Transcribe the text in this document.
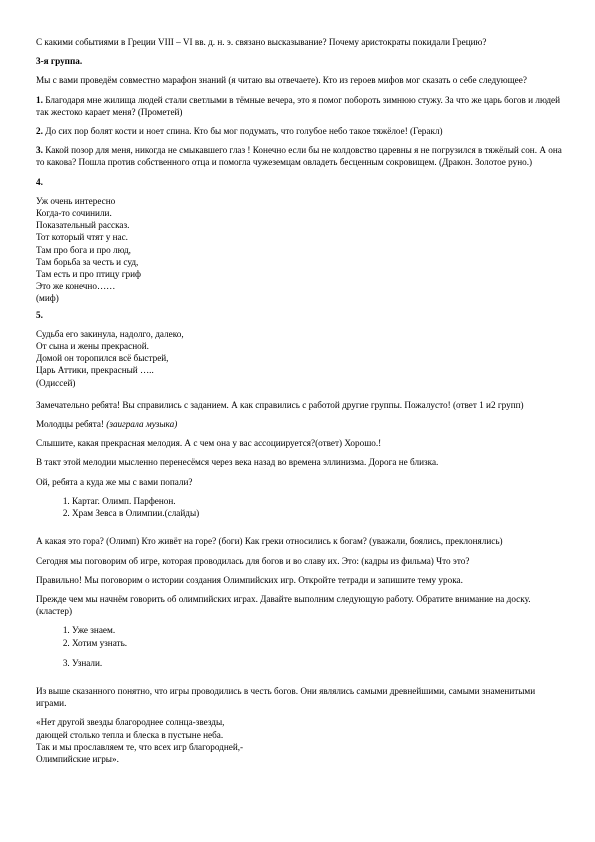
С какими событиями в Греции VIII – VI вв. д. н. э. связано высказывание? Почему аристократы покидали Грецию?

3-я группа.

Мы с вами проведём совместно марафон знаний (я читаю вы отвечаете). Кто из героев мифов мог сказать о себе следующее?

1. Благодаря мне жилища людей стали светлыми в тёмные вечера, это я помог побороть зимнюю стужу. За что же царь богов и людей так жестоко карает меня? (Прометей)

2. До сих пор болят кости и ноет спина. Кто бы мог подумать, что голубое небо такое тяжёлое! (Геракл)

3. Какой позор для меня, никогда не смыкавшего глаз ! Конечно если бы не колдовство царевны я не погрузился в тяжёлый сон. А она то какова? Пошла против собственного отца и помогла чужеземцам овладеть бесценным сокровищем. (Дракон. Золотое руно.)

4.

Уж очень интересно
Когда-то сочинили.
Показательный рассказ.
Тот который чтят у нас.
Там про бога и про люд,
Там борьба за честь и суд,
Там есть и про птицу гриф
Это же конечно……
(миф)

5.

Судьба его закинула, надолго, далеко,
От сына и жены прекрасной.
Домой он торопился всё быстрей,
Царь Аттики, прекрасный …..
(Одиссей)

Замечательно ребята! Вы справились с заданием. А как справились с работой другие группы. Пожалусто! (ответ 1 и2 групп)

Молодцы ребята! (заиграла музыка)

Слышите, какая прекрасная мелодия. А с чем она у вас ассоциируется?(ответ) Хорошо.!

В такт этой мелодии мысленно перенесёмся через века назад во времена эллинизма. Дорога не близка.

Ой, ребята а куда же мы с вами попали?

1. Картаг. Олимп. Парфенон.
2. Храм Зевса в Олимпии.(слайды)

А какая это гора? (Олимп) Кто живёт на горе? (боги) Как греки относились к богам? (уважали, боялись, преклонялись)

Сегодня мы поговорим об игре, которая проводилась для богов и во славу их. Это: (кадры из фильма) Что это?

Правильно! Мы поговорим о истории создания Олимпийских игр. Откройте тетради и запишите тему урока.

Прежде чем мы начнём говорить об олимпийских играх. Давайте выполним следующую работу. Обратите внимание на доску.(кластер)

1. Уже знаем.
2. Хотим узнать.
3. Узнали.

Из выше сказанного понятно, что игры проводились в честь богов. Они являлись самыми древнейшими, самыми знаменитыми играми.

«Нет другой звезды благороднее солнца-звезды,
дающей столько тепла и блеска в пустыне неба.
Так и мы прославляем те, что всех игр благородней,-
Олимпийские игры».
